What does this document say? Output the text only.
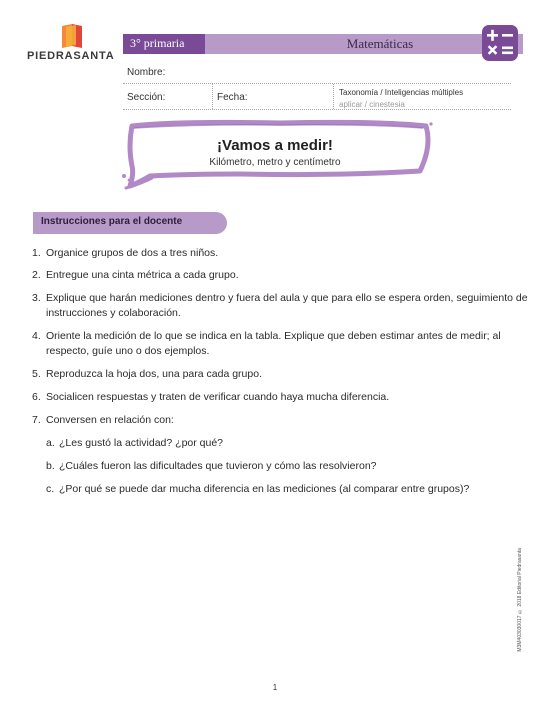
PIEDRASANTA
3° primaria	Matemáticas
Nombre:
Sección:	Fecha:	Taxonomía / Inteligencias múltiples
aplicar / cinestesia
¡Vamos a medir!
Kilómetro, metro y centímetro
Instrucciones para el docente
1. Organice grupos de dos a tres niños.
2. Entregue una cinta métrica a cada grupo.
3. Explique que harán mediciones dentro y fuera del aula y que para ello se espera orden, seguimiento de instrucciones y colaboración.
4. Oriente la medición de lo que se indica en la tabla. Explique que deben estimar antes de medir; al respecto, guíe uno o dos ejemplos.
5. Reproduzca la hoja dos, una para cada grupo.
6. Socialicen respuestas y traten de verificar cuando haya mucha diferencia.
7. Conversen en relación con:
a. ¿Les gustó la actividad? ¿por qué?
b. ¿Cuáles fueron las dificultades que tuvieron y cómo las resolvieron?
c. ¿Por qué se puede dar mucha diferencia en las mediciones (al comparar entre grupos)?
M3M403030017 © 2018 Editorial Piedrasanta
1
